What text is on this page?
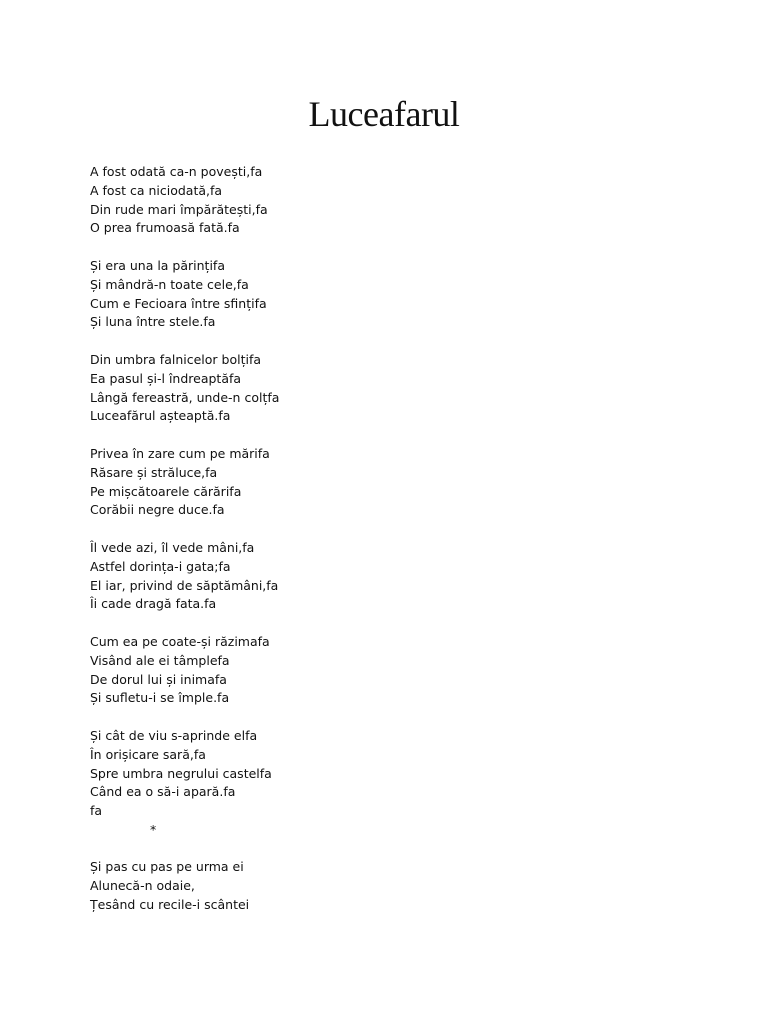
Luceafarul
A fost odată ca-n povești,fa
A fost ca niciodată,fa
Din rude mari împărătești,fa
O prea frumoasă fată.fa
Și era una la părințifa
Și mândră-n toate cele,fa
Cum e Fecioara între sfințifa
Și luna între stele.fa
Din umbra falnicelor bolțifa
Ea pasul și-l îndreaptăfa
Lângă fereastră, unde-n colțfa
Luceafărul așteaptă.fa
Privea în zare cum pe mărifa
Răsare și străluce,fa
Pe mișcătoarele cărărifa
Corăbii negre duce.fa
Îl vede azi, îl vede mâni,fa
Astfel dorința-i gata;fa
El iar, privind de săptămâni,fa
Îi cade dragă fata.fa
Cum ea pe coate-și răzimafa
Visând ale ei tâmplefa
De dorul lui și inimafa
Și sufletu-i se împle.fa
Și cât de viu s-aprinde elfa
În orișicare sară,fa
Spre umbra negrului castelfa
Când ea o să-i apară.fa
fa
*
Și pas cu pas pe urma ei
Alunecă-n odaie,
Țesând cu recile-i scântei
